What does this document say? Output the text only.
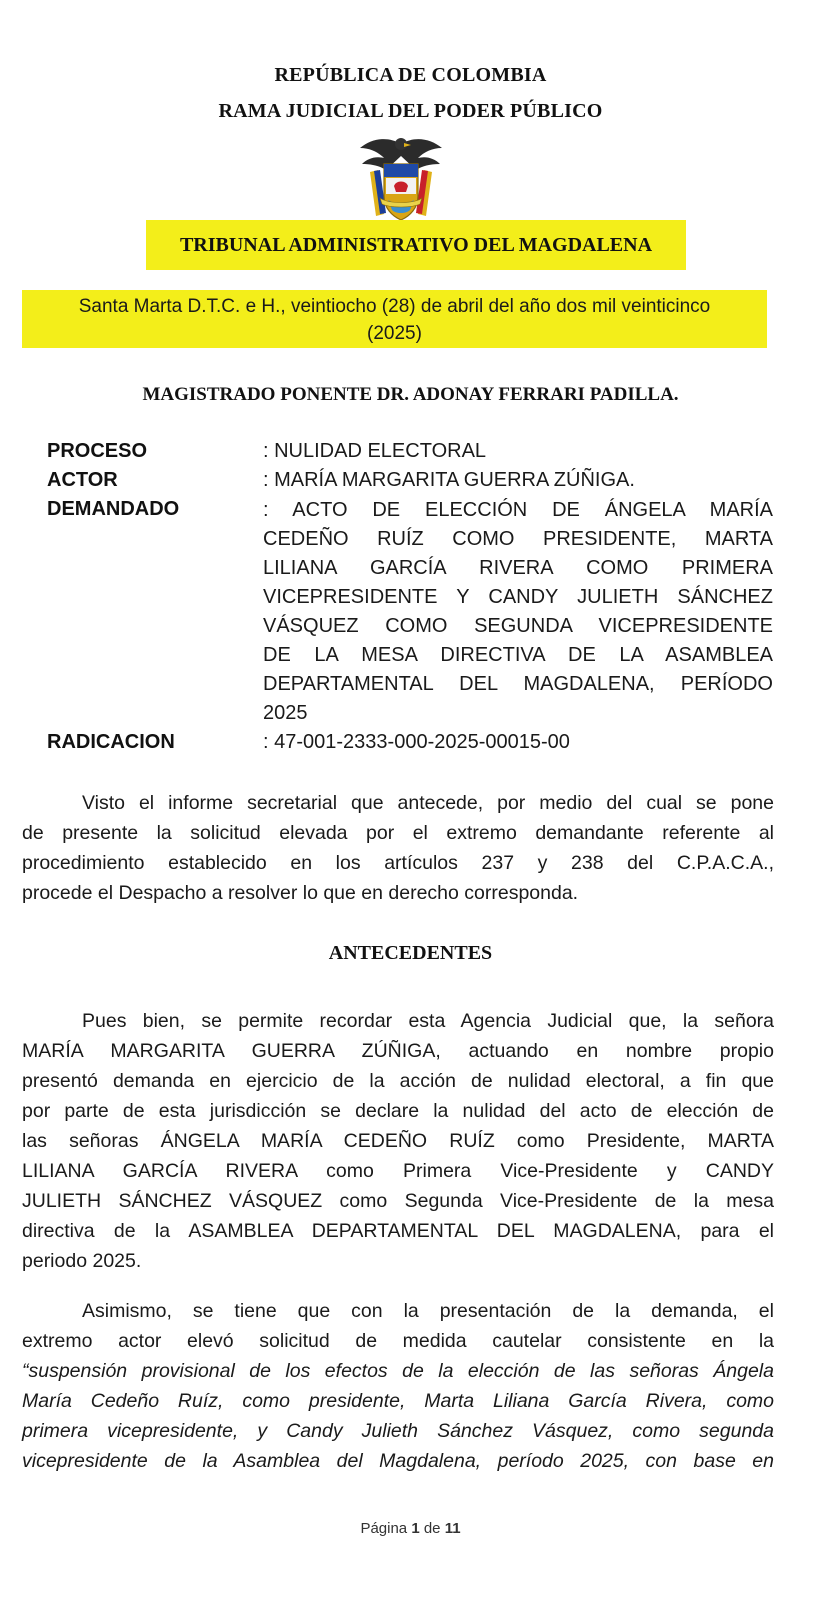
REPÚBLICA DE COLOMBIA
RAMA JUDICIAL DEL PODER PÚBLICO
TRIBUNAL ADMINISTRATIVO DEL MAGDALENA
Santa Marta D.T.C. e H., veintiocho (28) de abril del año dos mil veinticinco
(2025)
MAGISTRADO PONENTE DR. ADONAY FERRARI PADILLA.
PROCESO	: NULIDAD ELECTORAL
ACTOR	: MARÍA MARGARITA GUERRA ZÚÑIGA.
DEMANDADO	: ACTO DE ELECCIÓN DE ÁNGELA MARÍA
CEDEÑO RUÍZ COMO PRESIDENTE, MARTA
LILIANA GARCÍA RIVERA COMO PRIMERA
VICEPRESIDENTE Y CANDY JULIETH SÁNCHEZ
VÁSQUEZ COMO SEGUNDA VICEPRESIDENTE
DE LA MESA DIRECTIVA DE LA ASAMBLEA
DEPARTAMENTAL DEL MAGDALENA, PERÍODO
2025
RADICACION	: 47-001-2333-000-2025-00015-00
Visto el informe secretarial que antecede, por medio del cual se pone
de presente la solicitud elevada por el extremo demandante referente al
procedimiento establecido en los artículos 237 y 238 del C.P.A.C.A.,
procede el Despacho a resolver lo que en derecho corresponda.
ANTECEDENTES
Pues bien, se permite recordar esta Agencia Judicial que, la señora
MARÍA MARGARITA GUERRA ZÚÑIGA, actuando en nombre propio
presentó demanda en ejercicio de la acción de nulidad electoral, a fin que
por parte de esta jurisdicción se declare la nulidad del acto de elección de
las señoras ÁNGELA MARÍA CEDEÑO RUÍZ como Presidente, MARTA
LILIANA GARCÍA RIVERA como Primera Vice-Presidente y CANDY
JULIETH SÁNCHEZ VÁSQUEZ como Segunda Vice-Presidente de la mesa
directiva de la ASAMBLEA DEPARTAMENTAL DEL MAGDALENA, para el
periodo 2025.
Asimismo, se tiene que con la presentación de la demanda, el
extremo actor elevó solicitud de medida cautelar consistente en la
“suspensión provisional de los efectos de la elección de las señoras Ángela
María Cedeño Ruíz, como presidente, Marta Liliana García Rivera, como
primera vicepresidente, y Candy Julieth Sánchez Vásquez, como segunda
vicepresidente de la Asamblea del Magdalena, período 2025, con base en
Página 1 de 11
